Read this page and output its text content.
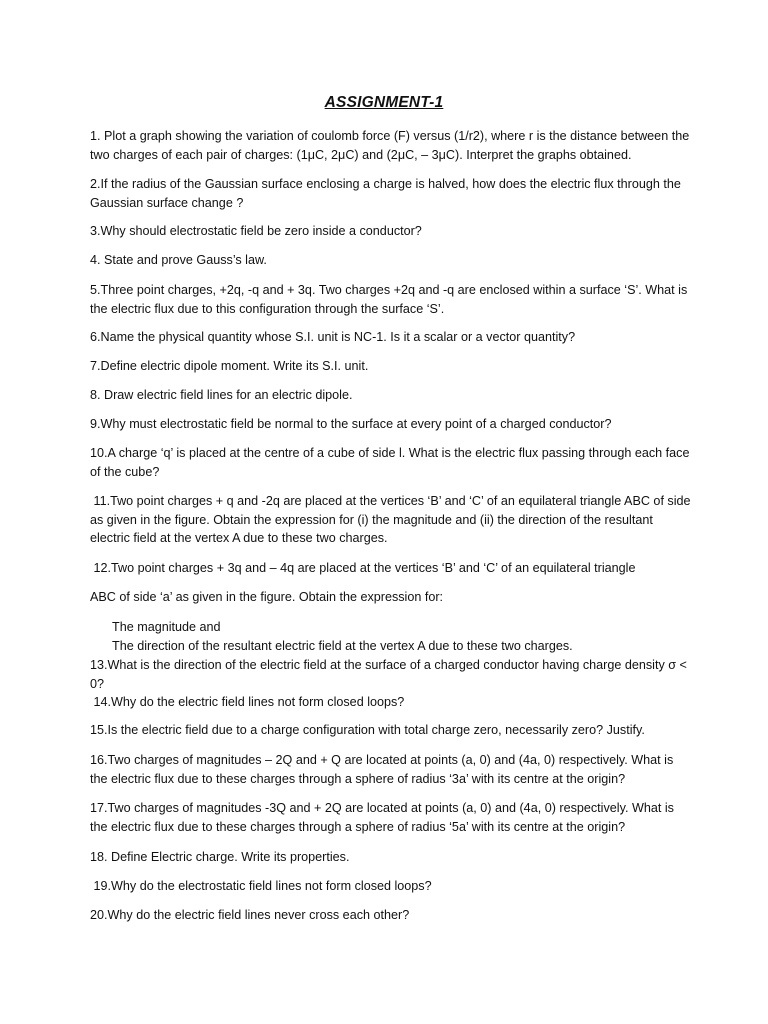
ASSIGNMENT-1
1. Plot a graph showing the variation of coulomb force (F) versus (1/r2), where r is the distance between the two charges of each pair of charges: (1μC, 2μC) and (2μC, – 3μC). Interpret the graphs obtained.
2.If the radius of the Gaussian surface enclosing a charge is halved, how does the electric flux through the Gaussian surface change ?
3.Why should electrostatic field be zero inside a conductor?
4. State and prove Gauss’s law.
5.Three point charges, +2q, -q and + 3q. Two charges +2q and -q are enclosed within a surface ‘S’. What is the electric flux due to this configuration through the surface ‘S’.
6.Name the physical quantity whose S.I. unit is NC-1. Is it a scalar or a vector quantity?
7.Define electric dipole moment. Write its S.I. unit.
8. Draw electric field lines for an electric dipole.
9.Why must electrostatic field be normal to the surface at every point of a charged conductor?
10.A charge ‘q’ is placed at the centre of a cube of side l. What is the electric flux passing through each face of the cube?
11.Two point charges + q and -2q are placed at the vertices ‘B’ and ‘C’ of an equilateral triangle ABC of side as given in the figure. Obtain the expression for (i) the magnitude and (ii) the direction of the resultant electric field at the vertex A due to these two charges.
12.Two point charges + 3q and – 4q are placed at the vertices ‘B’ and ‘C’ of an equilateral triangle
ABC of side ‘a’ as given in the figure. Obtain the expression for:
The magnitude and
The direction of the resultant electric field at the vertex A due to these two charges.
13.What is the direction of the electric field at the surface of a charged conductor having charge density σ < 0?
14.Why do the electric field lines not form closed loops?
15.Is the electric field due to a charge configuration with total charge zero, necessarily zero? Justify.
16.Two charges of magnitudes – 2Q and + Q are located at points (a, 0) and (4a, 0) respectively. What is the electric flux due to these charges through a sphere of radius ‘3a’ with its centre at the origin?
17.Two charges of magnitudes -3Q and + 2Q are located at points (a, 0) and (4a, 0) respectively. What is the electric flux due to these charges through a sphere of radius ‘5a’ with its centre at the origin?
18. Define Electric charge. Write its properties.
19.Why do the electrostatic field lines not form closed loops?
20.Why do the electric field lines never cross each other?
